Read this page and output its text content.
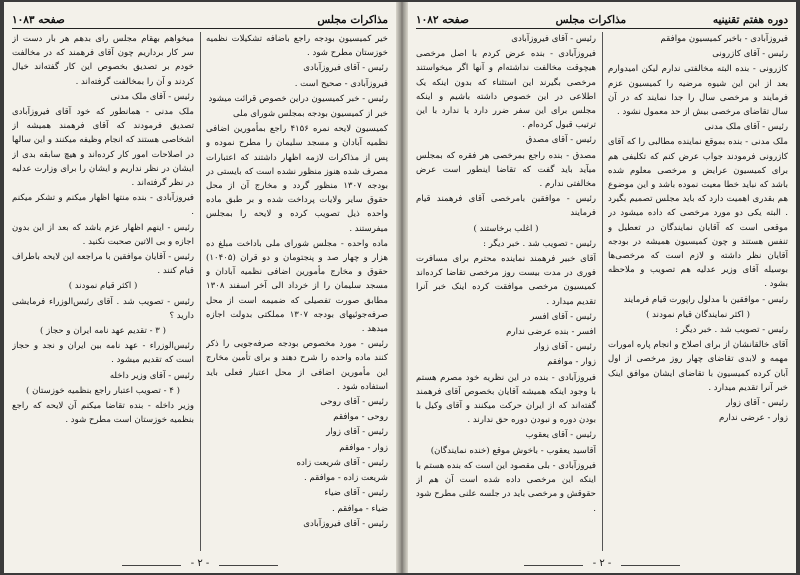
مذاکرات مجلس
صفحه ۱۰۸۳

خیر کمیسیون بودجه راجع باضافه تشکیلات نظمیه خوزستان مطرح شود .

رئیس - آقای فیروزآبادی

فیروزآبادی - صحیح است .

رئیس - خبر کمیسیون دراین خصوص قرائت میشود

خبر از کمیسیون بودجه بمجلس شورای ملی

کمیسیون لایحه نمره ۴۱۵۶ راجع بمأمورین اضافی نظمیه آبادان و مسجد سلیمان را مطرح نموده و پس از مذاکرات لازمه اظهار داشتند که اعتبارات مصرف شده هنوز منظور نشده است که بایستی در بودجه ۱۳۰۷ منظور گردد و مخارج آن از محل حقوق سایر ولایات پرداخت شده و بر طبق ماده واحده ذیل تصویب کرده و لایحه را بمجلس میفرستند .

ماده واحده - مجلس شورای ملی باداخت مبلغ ده هزار و چهار صد و پنجتومان و دو قران (۱۰۴۰۵) حقوق و مخارج مأمورین اضافی نظمیه آبادان و مسجد سلیمان را از خرداد الی آخر اسفند ۱۳۰۸ مطابق صورت تفصیلی که ضمیمه است از محل صرفه‌جوئیهای بودجه ۱۳۰۷ مملکتی بدولت اجازه میدهد .

رئیس - مورد مخصوص بودجه صرفه‌جویی را ذکر کنند ماده واحده را شرح دهند و برای تأمین مخارج این مأمورین اضافی از محل اعتبار فعلی باید استفاده شود .

رئیس - آقای روحی

روحی - موافقم

رئیس - آقای زوار

زوار - موافقم

رئیس - آقای شریعت زاده

شریعت زاده - موافقم .

رئیس - آقای ضیاء

ضیاء - موافقم .

رئیس - آقای فیروزآبادی

میخواهم بهقام مجلس رای بدهم هر بار دست از سر کار برداریم چون آقای فرهمند که در مخالفت خودم بر تصدیق بخصوص این کار گفته‌اند خیال کردند و آن را بمخالفت گرفته‌اند .

رئیس - آقای ملک مدنی

ملک مدنی - همانطور که خود آقای فیروزآبادی تصدیق فرمودند که آقای فرهمند همیشه از اشخاصی هستند که انجام وظیفه میکنند و این سالها در اصلاحات امور کار کرده‌اند و هیچ سابقه بدی از ایشان در نظر نداریم و ایشان را برای وزارت عدلیه در نظر گرفته‌اند .

فیروزآبادی - بنده منتها اظهار میکنم و تشکر میکنم .

رئیس - اینهم اظهار عزم باشد که بعد از این بدون اجازه و بی الاتین صحبت نکنید .

رئیس - آقایان موافقین با مراجعه این لایحه باطراف قیام کنند .

( اکثر قیام نمودند )

رئیس - تصویب شد . آقای رئیس‌الوزراء فرمایشی دارید ؟

( ۳ - تقدیم عهد نامه ایران و حجاز )

رئیس‌الوزراء - عهد نامه بین ایران و نجد و حجاز است که تقدیم میشود .

رئیس - آقای وزیر داخله

( ۴ - تصویب اعتبار راجع بنظمیه خوزستان )

وزیر داخله - بنده تقاضا میکنم آن لایحه که راجع بنظمیه خوزستان است مطرح شود .

- ۲ -
دوره هفتم تقنینیه
مذاکرات مجلس
صفحه ۱۰۸۲

فیروزآبادی - باخبر کمیسیون موافقم

رئیس - آقای کازرونی

کازرونی - بنده البته مخالفتی ندارم لیکن امیدوارم بعد از این این شیوه مرضیه را کمیسیون عزم فرمایند و مرخصی سال را جدا نمایند که در آن سال تقاضای مرخصی بیش از حد معمول نشود .

رئیس - آقای ملک مدنی

ملک مدنی - بنده بموقع نماینده مطالبی را که آقای کازرونی فرمودند جواب عرض کنم که تکلیفی هم برای کمیسیون عرایض و مرخصی معلوم شده باشد که نباید خطا معیت نموده باشد و این موضوع هم بقدری اهمیت دارد که باید مجلس تصمیم بگیرد . البته یکی دو مورد مرخصی که داده میشود در موقعی است که آقایان نمایندگان در تعطیل و تنفس هستند و چون کمیسیون همیشه در بودجه آقایان نظر داشته و لازم است که مرخصی‌ها بوسیله آقای وزیر عدلیه هم تصویب و ملاحظه بشود .

رئیس - موافقین با مدلول راپورت قیام فرمایند

( اکثر نمایندگان قیام نمودند )

رئیس - تصویب شد . خبر دیگر :

آقای خالقانشان از برای اصلاح و انجام پاره امورات مهمه و لابدی تقاضای چهار روز مرخصی از اول آبان کرده کمیسیون با تقاضای ایشان موافق اینک خبر آنرا تقدیم میدارد .

رئیس - آقای زوار

زوار - عرضی ندارم

رئیس - آقای فیروزآبادی

فیروزآبادی - بنده عرض کردم با اصل مرخصی هیچوقت مخالفت نداشته‌ام و آنها اگر میخواستند مرخصی بگیرند این استثناء که بدون اینکه یک اطلاعی در این خصوص داشته باشیم و اینکه مجلس برای این سفر ضرر دارد یا ندارد با این ترتیب قبول کرده‌ام .

رئیس - آقای مصدق

مصدق - بنده راجع بمرخصی هر فقره که بمجلس میآید باید گفت که تقاضا اینطور است عرض مخالفتی ندارم .

رئیس - موافقین بامرخصی آقای فرهمند قیام فرمایند

( اغلب برخاستند )

رئیس - تصویب شد . خبر دیگر :

آقای خبیر فرهمند نماینده محترم برای مسافرت فوری در مدت بیست روز مرخصی تقاضا کرده‌اند کمیسیون مرخصی موافقت کرده اینک خبر آنرا تقدیم میدارد .

رئیس - آقای افسر

افسر - بنده عرضی ندارم

رئیس - آقای زوار

زوار - موافقم

فیروزآبادی - بنده در این نظریه خود مصرم هستم با وجود اینکه همیشه آقایان بخصوص آقای فرهمند گفته‌اند که از ایران حرکت میکنند و آقای وکیل با بودن دوره و نبودن دوره حق ندارند .

رئیس - آقای یعقوب

آقاسید یعقوب - باخوش موقع (خنده نمایندگان)

فیروزآبادی - بلی مقصود این است که بنده هستم با اینکه این مرخصی داده شده است آن هم از حقوقش و مرخصی باید در جلسه علنی مطرح شود .

- ۲ -
